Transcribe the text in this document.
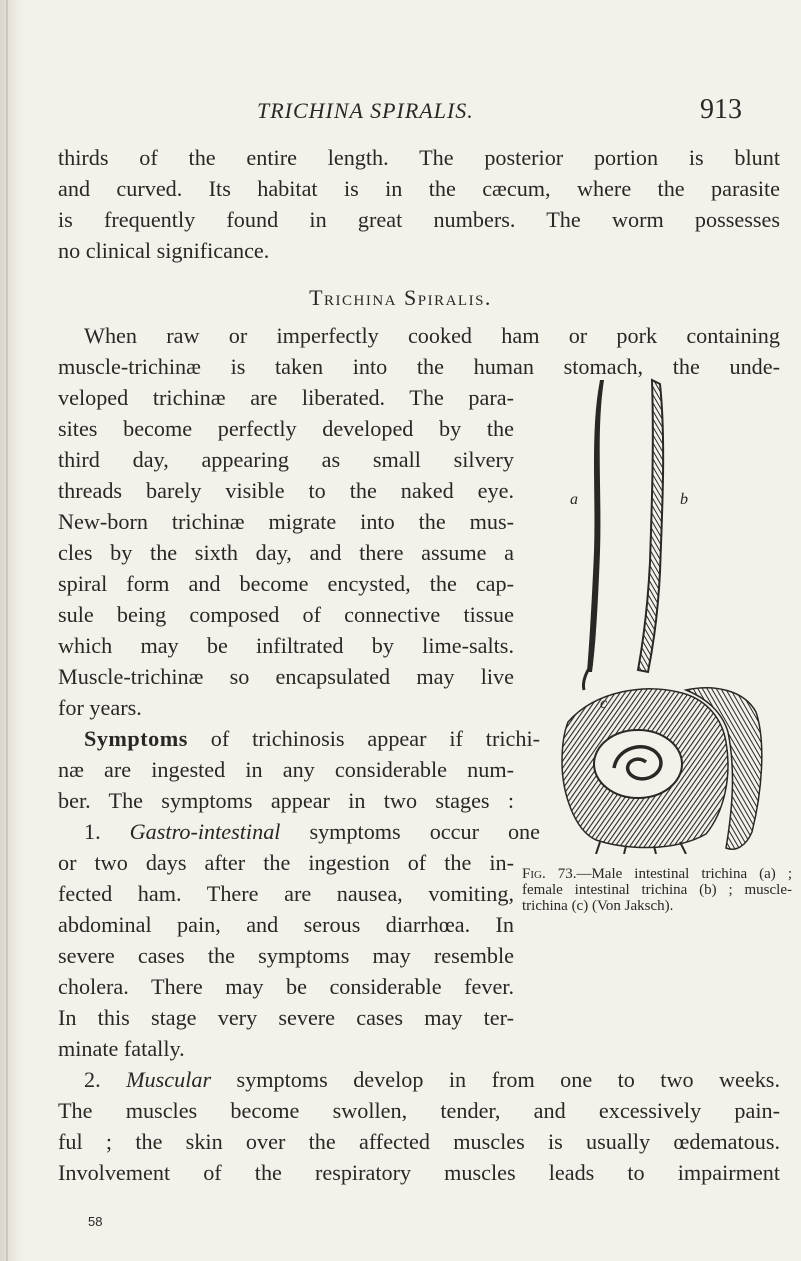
TRICHINA SPIRALIS.	913
thirds of the entire length. The posterior portion is blunt
and curved. Its habitat is in the cæcum, where the parasite
is frequently found in great numbers. The worm possesses
no clinical significance.
Trichina Spiralis.
When raw or imperfectly cooked ham or pork containing
muscle-trichinæ is taken into the human stomach, the unde-
veloped trichinæ are liberated. The para-
sites become perfectly developed by the
third day, appearing as small silvery
threads barely visible to the naked eye.
New-born trichinæ migrate into the mus-
cles by the sixth day, and there assume a
spiral form and become encysted, the cap-
sule being composed of connective tissue
which may be infiltrated by lime-salts.
Muscle-trichinæ so encapsulated may live
for years.
Symptoms of trichinosis appear if trichi-
næ are ingested in any considerable num-
ber. The symptoms appear in two stages :
1. Gastro-intestinal symptoms occur one
or two days after the ingestion of the in-
fected ham. There are nausea, vomiting,
abdominal pain, and serous diarrhœa. In
severe cases the symptoms may resemble
cholera. There may be considerable fever.
In this stage very severe cases may ter-
minate fatally.
2. Muscular symptoms develop in from one to two weeks.
The muscles become swollen, tender, and excessively pain-
ful ; the skin over the affected muscles is usually œdematous.
Involvement of the respiratory muscles leads to impairment
a	b
c
Fig. 73.—Male intestinal trichina (a) ; female intestinal trichina (b) ; muscle-trichina (c) (Von Jaksch).
58
